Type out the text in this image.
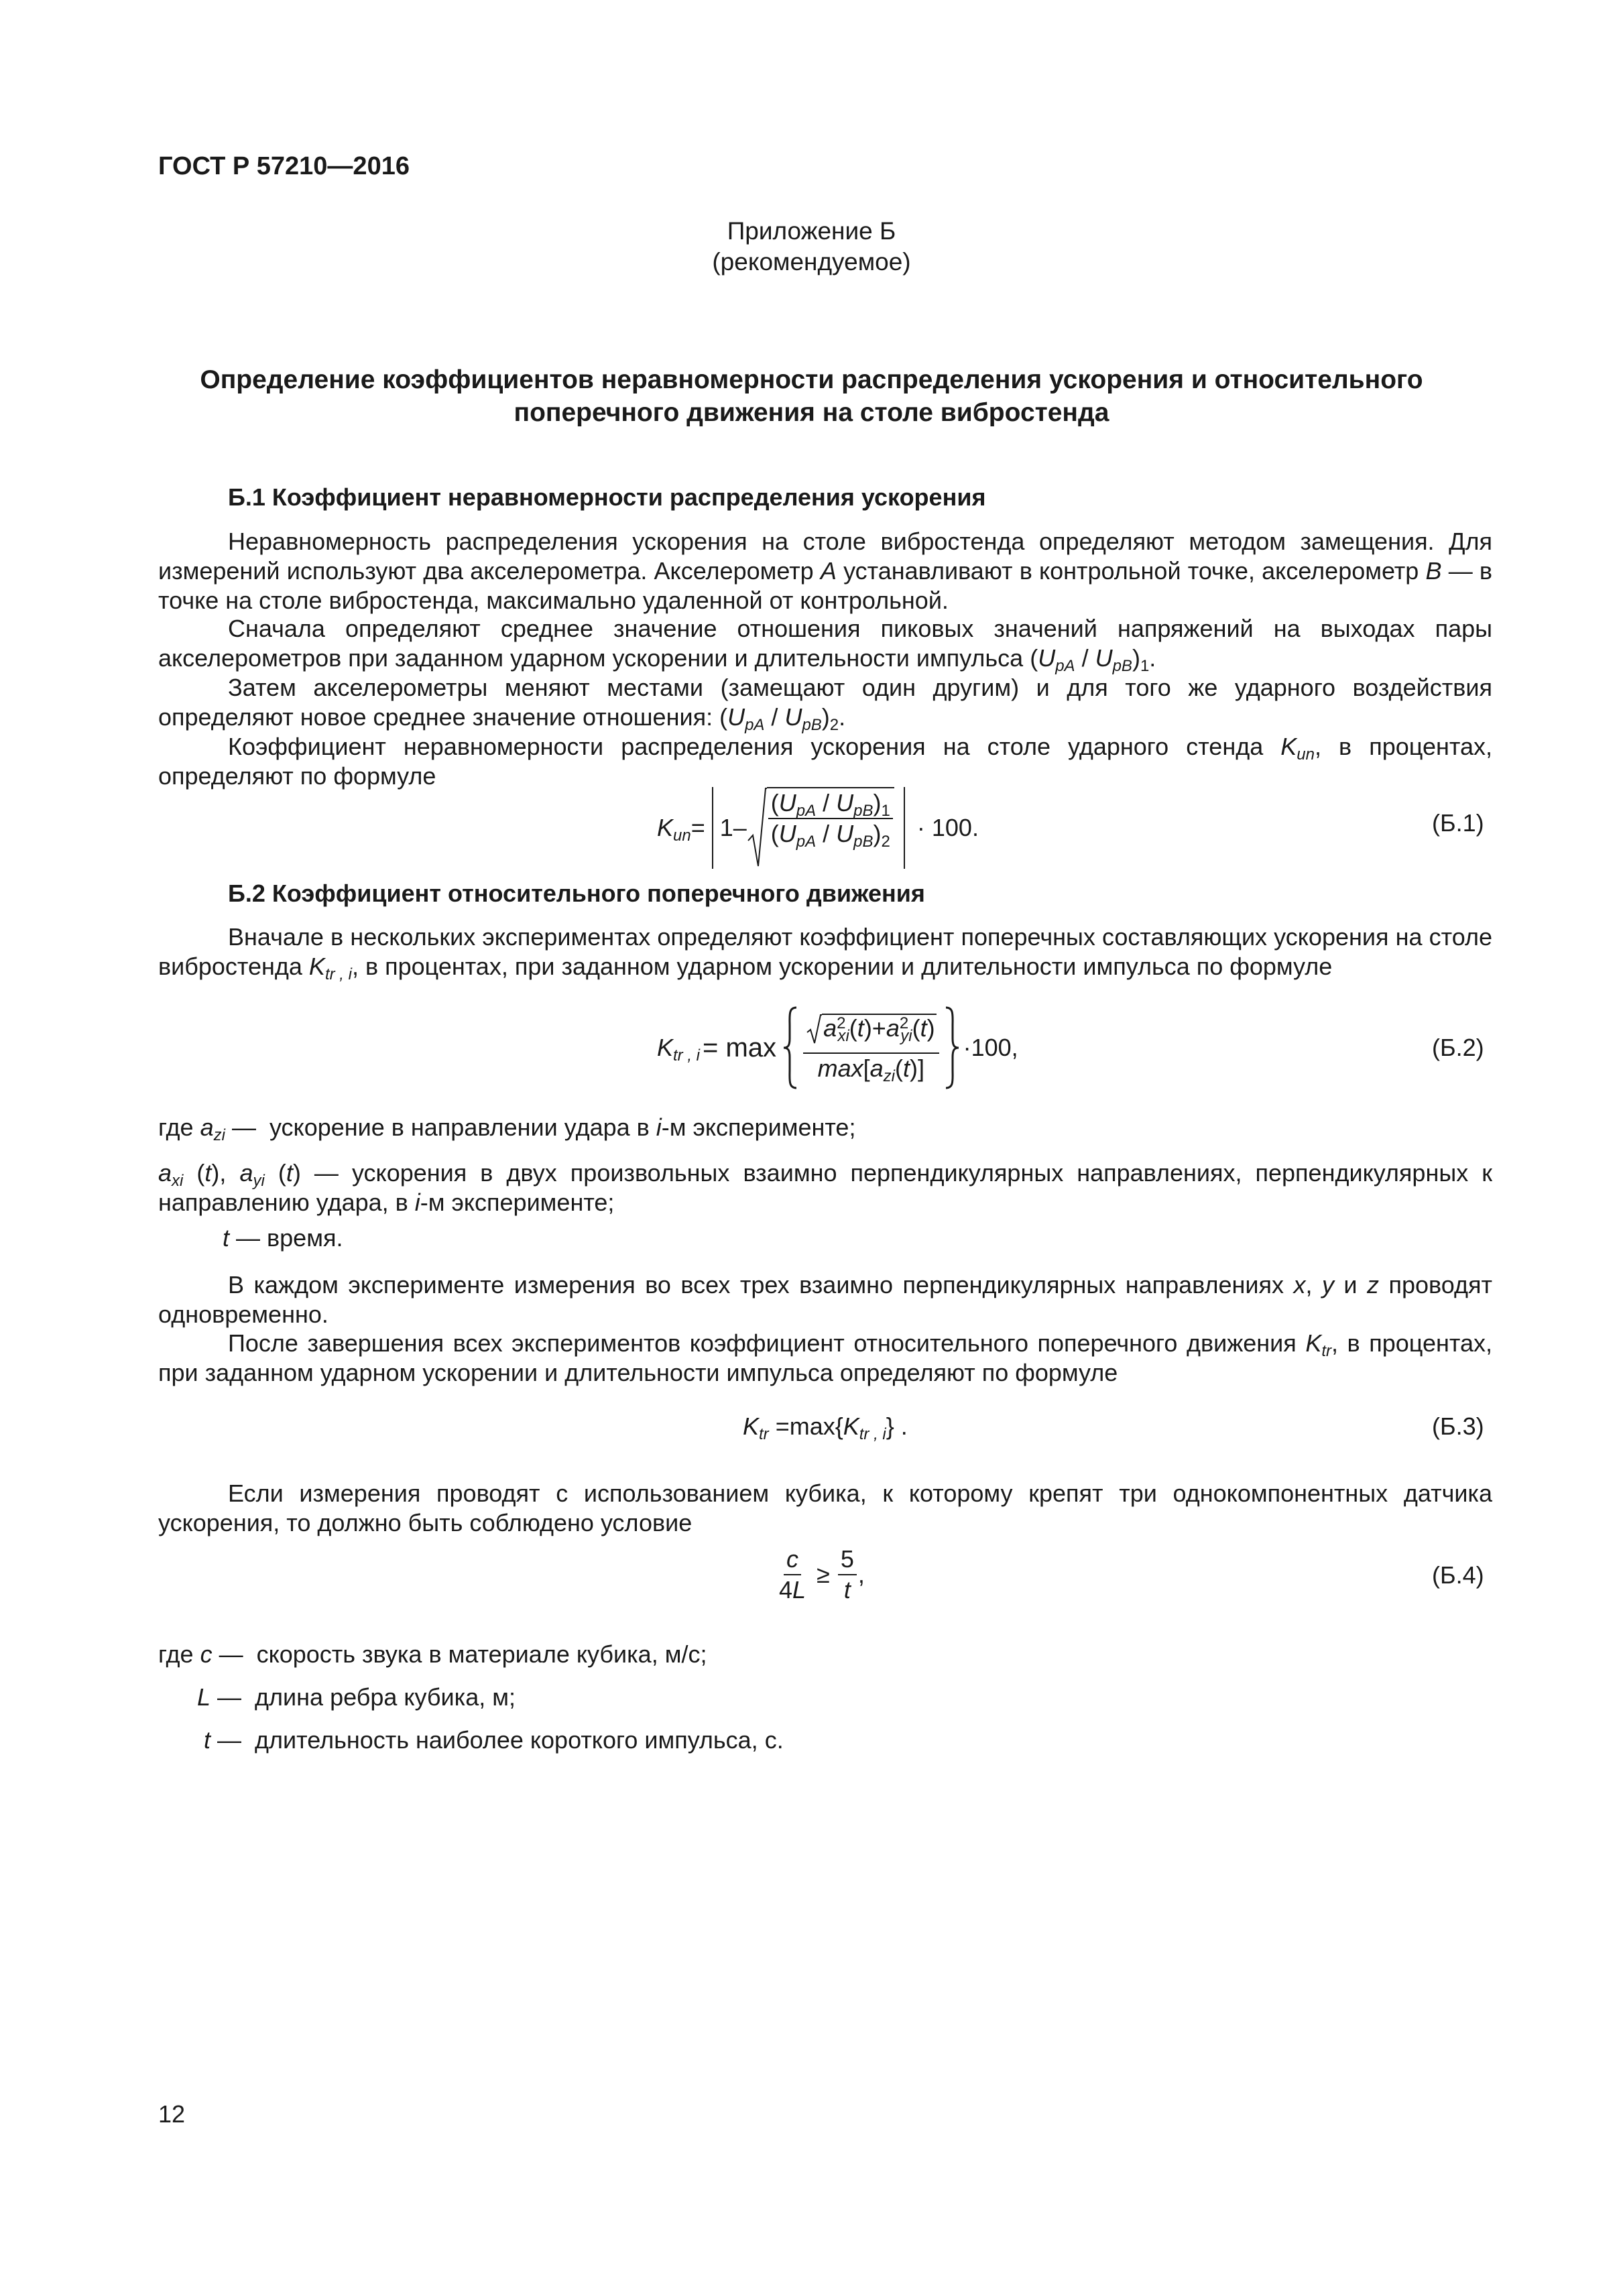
ГОСТ Р 57210—2016
Приложение Б
(рекомендуемое)
Определение коэффициентов неравномерности распределения ускорения и относительного
поперечного движения на столе вибростенда
Б.1 Коэффициент неравномерности распределения ускорения
Неравномерность распределения ускорения на столе вибростенда определяют методом замещения. Для измерений используют два акселерометра. Акселерометр А устанавливают в контрольной точке, акселерометр В — в точке на столе вибростенда, максимально удаленной от контрольной.
Сначала определяют среднее значение отношения пиковых значений напряжений на выходах пары акселерометров при заданном ударном ускорении и длительности импульса $(U_{pA} / U_{pB})_1$.
Затем акселерометры меняют местами (замещают один другим) и для того же ударного воздействия определяют новое среднее значение отношения: $(U_{pA} / U_{pB})_2$.
Коэффициент неравномерности распределения ускорения на столе ударного стенда $K_{un}$, в процентах, определяют по формуле
$K_{un}= 1- \frac{(U_{pA} / U_{pB})_1}{(U_{pA} / U_{pB})_2} \cdot 100$.	(Б.1)
Б.2 Коэффициент относительного поперечного движения
Вначале в нескольких экспериментах определяют коэффициент поперечных составляющих ускорения на столе вибростенда $K_{tr , i}$, в процентах, при заданном ударном ускорении и длительности импульса по формуле
$K_{tr , i} = \max \frac{a^2_{xi}(t)+a^2_{yi}(t)}{\max[a_{zi}(t)]} \cdot 100$,	(Б.2)
где $a_{zi}$ —  ускорение в направлении удара в i-м эксперименте;
$a_{xi}$ (t), $a_{yi}$ (t) — ускорения в двух произвольных взаимно перпендикулярных направлениях, перпендикулярных к направлению удара, в i-м эксперименте;
t — время.
В каждом эксперименте измерения во всех трех взаимно перпендикулярных направлениях x, y и z проводят одновременно.
После завершения всех экспериментов коэффициент относительного поперечного движения $K_{tr}$, в процентах, при заданном ударном ускорении и длительности импульса определяют по формуле
$K_{tr} =\max\{K_{tr , i}\}$ .	(Б.3)
Если измерения проводят с использованием кубика, к которому крепят три однокомпонентных датчика ускорения, то должно быть соблюдено условие
$\frac{c}{4L} \ge \frac{5}{t}$ ,	(Б.4)
где c —  скорость звука в материале кубика, м/с;
L —  длина ребра кубика, м;
t —  длительность наиболее короткого импульса, с.
12
